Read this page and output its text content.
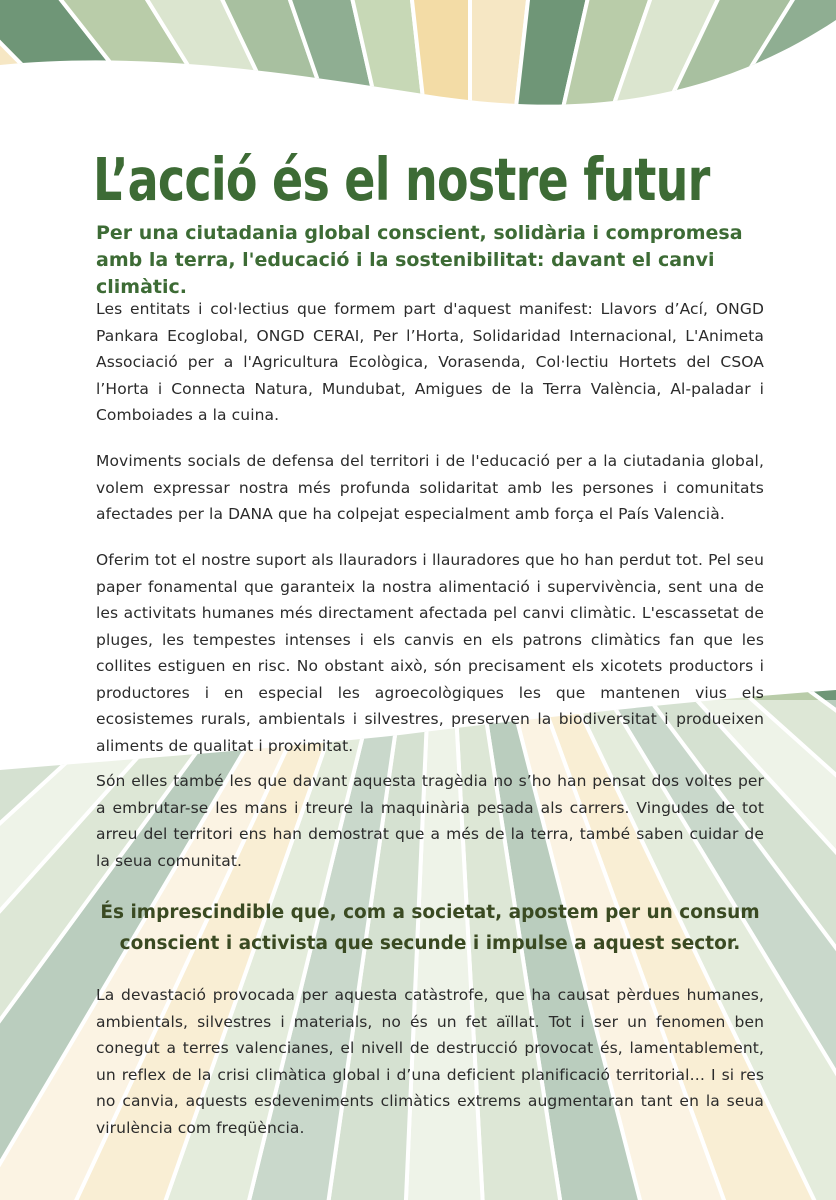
L’acció és el nostre futur

Per una ciutadania global conscient, solidària i compromesa amb la terra, l'educació i la sostenibilitat: davant el canvi climàtic.

Les entitats i col·lectius que formem part d'aquest manifest: Llavors d’Ací, ONGD Pankara Ecoglobal, ONGD CERAI, Per l’Horta, Solidaridad Internacional, L'Animeta Associació per a l'Agricultura Ecològica, Vorasenda, Col·lectiu Hortets del CSOA l’Horta i Connecta Natura, Mundubat, Amigues de la Terra València, Al-paladar i Comboiades a la cuina.

Moviments socials de defensa del territori i de l'educació per a la ciutadania global, volem expressar nostra més profunda solidaritat amb les persones i comunitats afectades per la DANA que ha colpejat especialment amb força el País Valencià.

Oferim tot el nostre suport als llauradors i llauradores que ho han perdut tot. Pel seu paper fonamental que garanteix la nostra alimentació i supervivència, sent una de les activitats humanes més directament afectada pel canvi climàtic. L'escassetat de pluges, les tempestes intenses i els canvis en els patrons climàtics fan que les collites estiguen en risc. No obstant això, són precisament els xicotets productors i productores i en especial les agroecològiques les que mantenen vius els ecosistemes rurals, ambientals i silvestres, preserven la biodiversitat i produeixen aliments de qualitat i proximitat.

Són elles també les que davant aquesta tragèdia no s’ho han pensat dos voltes per a embrutar-se les mans i treure la maquinària pesada als carrers. Vingudes de tot arreu del territori ens han demostrat que a més de la terra, també saben cuidar de la seua comunitat.

És imprescindible que, com a societat, apostem per un consum conscient i activista que secunde i impulse a aquest sector.

La devastació provocada per aquesta catàstrofe, que ha causat pèrdues humanes, ambientals, silvestres i materials, no és un fet aïllat. Tot i ser un fenomen ben conegut a terres valencianes, el nivell de destrucció provocat és, lamentablement, un reflex de la crisi climàtica global i d’una deficient planificació territorial… I si res no canvia, aquests esdeveniments climàtics extrems augmentaran tant en la seua virulència com freqüència.
